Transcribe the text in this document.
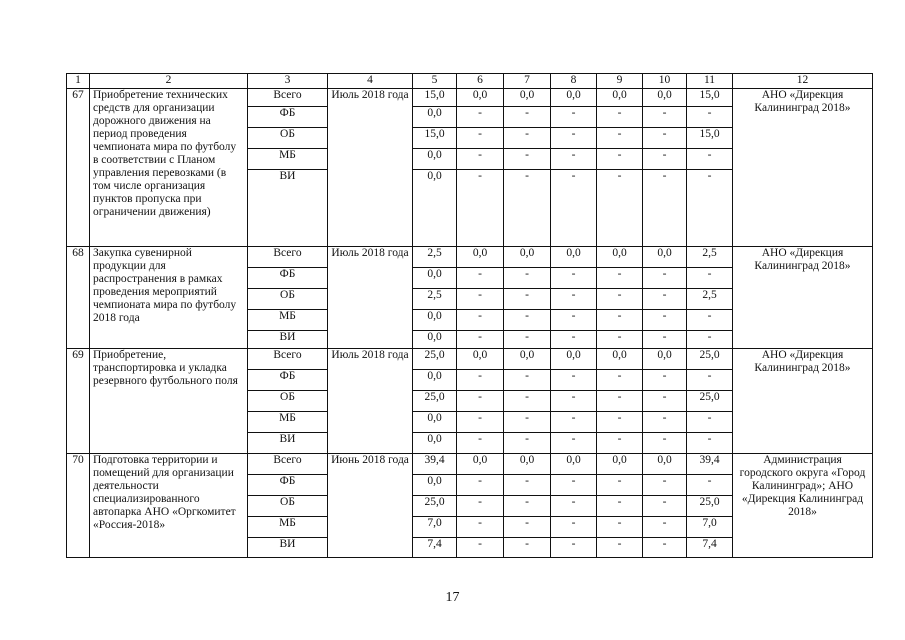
1	2	3	4	5	6	7	8	9	10	11	12
67	Приобретение технических средств для организации дорожного движения на период проведения чемпионата мира по футболу в соответствии с Планом управления перевозками (в том числе организация пунктов пропуска при ограничении движения)	Всего	Июль 2018 года	15,0	0,0	0,0	0,0	0,0	0,0	15,0	АНО «Дирекция Калининград 2018»
		ФБ		0,0	-	-	-	-	-	-	
		ОБ		15,0	-	-	-	-	-	15,0	
		МБ		0,0	-	-	-	-	-	-	
		ВИ		0,0	-	-	-	-	-	-	
68	Закупка сувенирной продукции для распространения в рамках проведения мероприятий чемпионата мира по футболу 2018 года	Всего	Июль 2018 года	2,5	0,0	0,0	0,0	0,0	0,0	2,5	АНО «Дирекция Калининград 2018»
		ФБ		0,0	-	-	-	-	-	-	
		ОБ		2,5	-	-	-	-	-	2,5	
		МБ		0,0	-	-	-	-	-	-	
		ВИ		0,0	-	-	-	-	-	-	
69	Приобретение, транспортировка и укладка резервного футбольного поля	Всего	Июль 2018 года	25,0	0,0	0,0	0,0	0,0	0,0	25,0	АНО «Дирекция Калининград 2018»
		ФБ		0,0	-	-	-	-	-	-	
		ОБ		25,0	-	-	-	-	-	25,0	
		МБ		0,0	-	-	-	-	-	-	
		ВИ		0,0	-	-	-	-	-	-	
70	Подготовка территории и помещений для организации деятельности специализированного автопарка АНО «Оргкомитет «Россия-2018»	Всего	Июнь 2018 года	39,4	0,0	0,0	0,0	0,0	0,0	39,4	Администрация городского округа «Город Калининград»; АНО «Дирекция Калининград 2018»
		ФБ		0,0	-	-	-	-	-	-	
		ОБ		25,0	-	-	-	-	-	25,0	
		МБ		7,0	-	-	-	-	-	7,0	
		ВИ		7,4	-	-	-	-	-	7,4	
17
